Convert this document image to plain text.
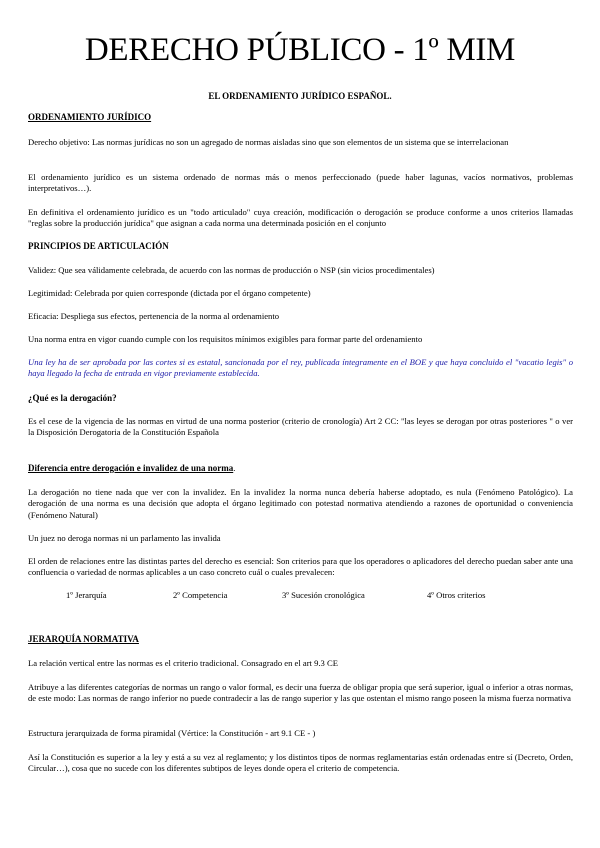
DERECHO PÚBLICO - 1º MIM
EL ORDENAMIENTO JURÍDICO ESPAÑOL.
ORDENAMIENTO JURÍDICO
Derecho objetivo: Las normas jurídicas no son un agregado de normas aisladas sino que son elementos de un sistema que se interrelacionan
El ordenamiento jurídico es un sistema ordenado de normas más o menos perfeccionado (puede haber lagunas, vacíos normativos, problemas interpretativos…).
En definitiva el ordenamiento jurídico es un "todo articulado" cuya creación, modificación o derogación se produce conforme a unos criterios llamadas "reglas sobre la producción jurídica" que asignan a cada norma una determinada posición en el conjunto
PRINCIPIOS DE ARTICULACIÓN
Validez: Que sea válidamente celebrada, de acuerdo con las normas de producción o NSP (sin vicios procedimentales)
Legitimidad: Celebrada por quien corresponde (dictada por el órgano competente)
Eficacia: Despliega sus efectos, pertenencia de la norma al ordenamiento
Una norma entra en vigor cuando cumple con los requisitos mínimos exigibles para formar parte del ordenamiento
Una ley ha de ser aprobada por las cortes si es estatal, sancionada por el rey, publicada íntegramente en el BOE y que haya concluido el "vacatio legis" o haya llegado la fecha de entrada en vigor previamente establecida.
¿Qué es la derogación?
Es el cese de la vigencia de las normas en virtud de una norma posterior (criterio de cronología) Art 2 CC: "las leyes se derogan por otras posteriores " o ver la Disposición Derogatoria de la Constitución Española
Diferencia entre derogación e invalidez de una norma.
La derogación no tiene nada que ver con la invalidez. En la invalidez la norma nunca debería haberse adoptado, es nula (Fenómeno Patológico). La derogación de una norma es una decisión que adopta el órgano legitimado con potestad normativa atendiendo a razones de oportunidad o conveniencia (Fenómeno Natural)
Un juez no deroga normas ni un parlamento las invalida
El orden de relaciones entre las distintas partes del derecho es esencial: Son criterios para que los operadores o aplicadores del derecho puedan saber ante una confluencia o variedad de normas aplicables a un caso concreto cuál o cuales prevalecen:
1º Jerarquía	2º Competencia	3º Sucesión cronológica	4º Otros criterios
JERARQUÍA NORMATIVA
La relación vertical entre las normas es el criterio tradicional. Consagrado en el art 9.3 CE
Atribuye a las diferentes categorías de normas un rango o valor formal, es decir una fuerza de obligar propia que será superior, igual o inferior a otras normas, de este modo: Las normas de rango inferior no puede contradecir a las de rango superior y las que ostentan el mismo rango poseen la misma fuerza normativa
Estructura jerarquizada de forma piramidal (Vértice: la Constitución - art 9.1 CE - )
Así la Constitución es superior a la ley y está a su vez al reglamento; y los distintos tipos de normas reglamentarias están ordenadas entre sí (Decreto, Orden, Circular…), cosa que no sucede con los diferentes subtipos de leyes donde opera el criterio de competencia.
